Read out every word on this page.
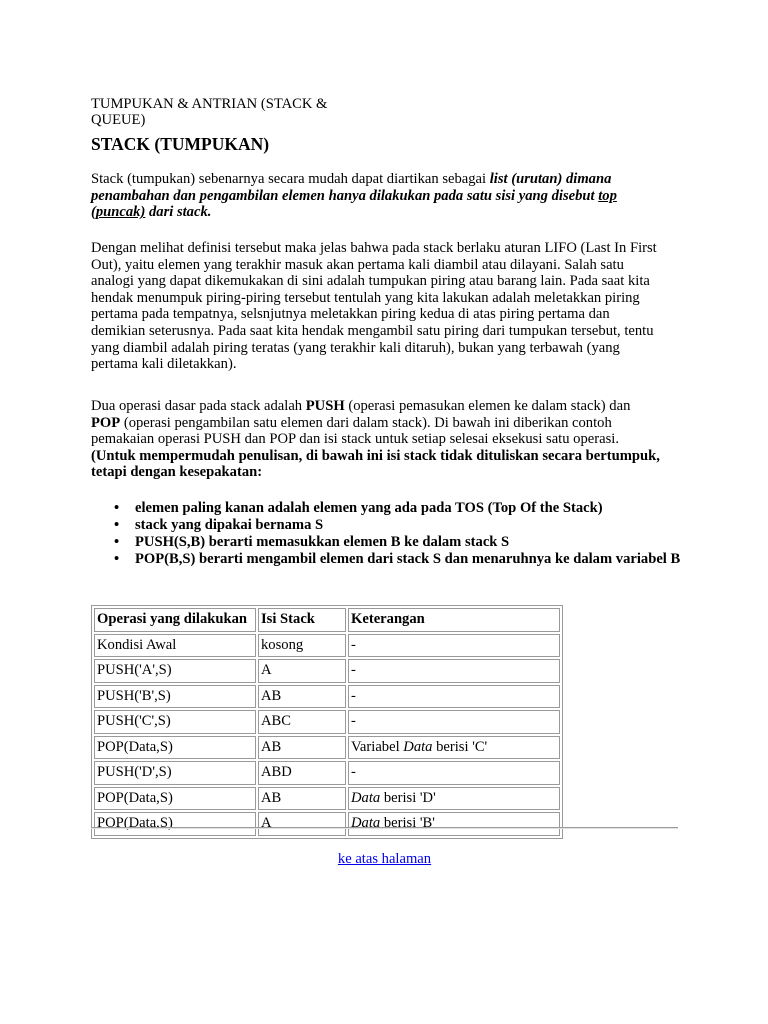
TUMPUKAN & ANTRIAN (STACK & QUEUE)
STACK (TUMPUKAN)
Stack (tumpukan) sebenarnya secara mudah dapat diartikan sebagai list (urutan) dimana penambahan dan pengambilan elemen hanya dilakukan pada satu sisi yang disebut top (puncak) dari stack.
Dengan melihat definisi tersebut maka jelas bahwa pada stack berlaku aturan LIFO (Last In First Out), yaitu elemen yang terakhir masuk akan pertama kali diambil atau dilayani. Salah satu analogi yang dapat dikemukakan di sini adalah tumpukan piring atau barang lain. Pada saat kita hendak menumpuk piring-piring tersebut tentulah yang kita lakukan adalah meletakkan piring pertama pada tempatnya, selsnjutnya meletakkan piring kedua di atas piring pertama dan demikian seterusnya. Pada saat kita hendak mengambil satu piring dari tumpukan tersebut, tentu yang diambil adalah piring teratas (yang terakhir kali ditaruh), bukan yang terbawah (yang pertama kali diletakkan).
Dua operasi dasar pada stack adalah PUSH (operasi pemasukan elemen ke dalam stack) dan POP (operasi pengambilan satu elemen dari dalam stack). Di bawah ini diberikan contoh pemakaian operasi PUSH dan POP dan isi stack untuk setiap selesai eksekusi satu operasi. (Untuk mempermudah penulisan, di bawah ini isi stack tidak dituliskan secara bertumpuk, tetapi dengan kesepakatan:
• elemen paling kanan adalah elemen yang ada pada TOS (Top Of the Stack)
• stack yang dipakai bernama S
• PUSH(S,B) berarti memasukkan elemen B ke dalam stack S
• POP(B,S) berarti mengambil elemen dari stack S dan menaruhnya ke dalam variabel B
Operasi yang dilakukan	Isi Stack	Keterangan
Kondisi Awal	kosong	-
PUSH('A',S)	A	-
PUSH('B',S)	AB	-
PUSH('C',S)	ABC	-
POP(Data,S)	AB	Variabel Data berisi 'C'
PUSH('D',S)	ABD	-
POP(Data,S)	AB	Data berisi 'D'
POP(Data,S)	A	Data berisi 'B'
ke atas halaman
